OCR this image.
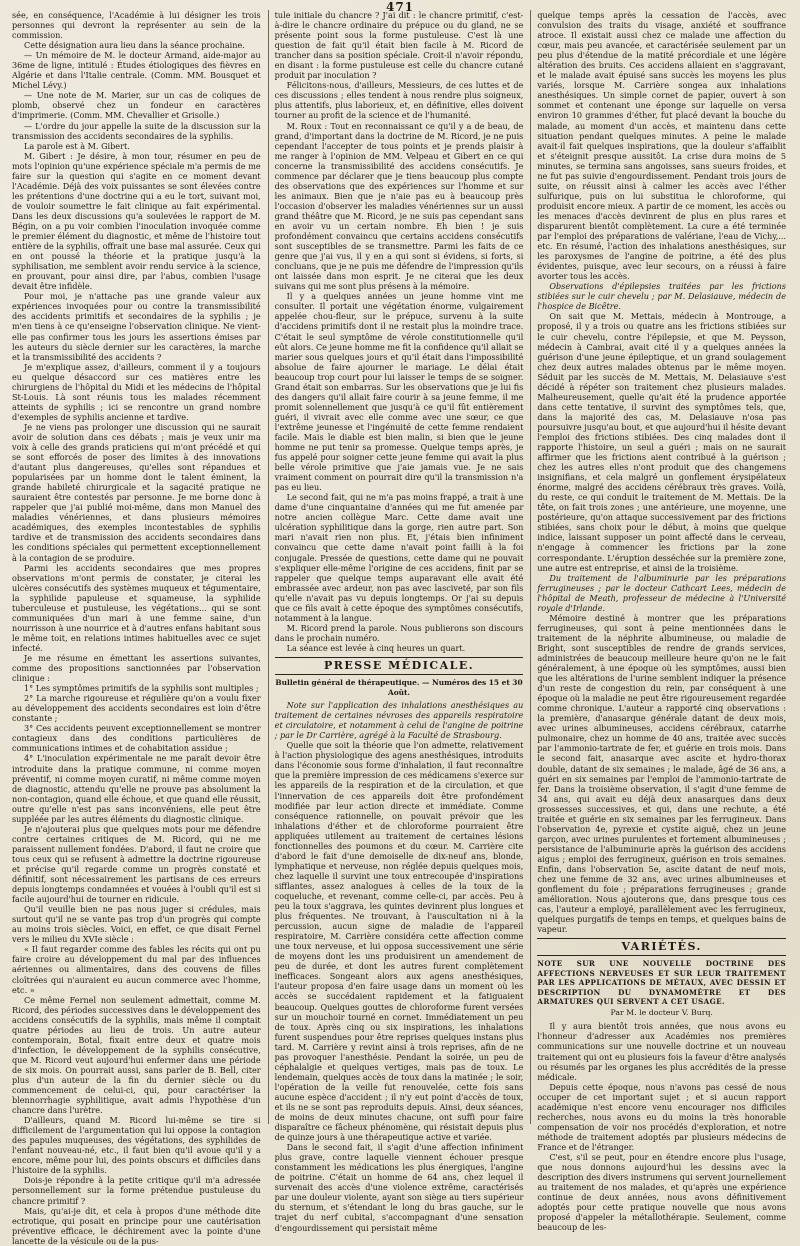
471

sée, en conséquence, l'Académie à lui désigner les trois personnes qui devront la représenter au sein de la commission.

Cette désignation aura lieu dans la séance prochaine.

— Un mémoire de M. le docteur Armand, aide-major au 36me de ligne, intitulé : Études étiologiques des fièvres en Algérie et dans l'Italie centrale. (Comm. MM. Bousquet et Michel Lévy.)

— Une note de M. Marier, sur un cas de coliques de plomb, observé chez un fondeur en caractères d'imprimerie. (Comm. MM. Chevallier et Grisolle.)

— L'ordre du jour appelle la suite de la discussion sur la transmission des accidents secondaires de la syphilis.

La parole est à M. Gibert.

M. Gibert : Je désire, à mon tour, résumer en peu de mots l'opinion qu'une expérience spéciale m'a permis de me faire sur la question qui s'agite en ce moment devant l'Académie. Déjà des voix puissantes se sont élevées contre les prétentions d'une doctrine qui a eu le tort, suivant moi, de vouloir soumettre le fait clinique au fait expérimental. Dans les deux discussions qu'a soulevées le rapport de M. Bégin, on a pu voir combien l'inoculation invoquée comme le premier élément du diagnostic, et même de l'histoire tout entière de la syphilis, offrait une base mal assurée. Ceux qui en ont poussé la théorie et la pratique jusqu'à la syphilisation, me semblent avoir rendu service à la science, en prouvant, pour ainsi dire, par l'abus, combien l'usage devait être infidèle.

Pour moi, je n'attache pas une grande valeur aux expériences invoquées pour ou contre la transmissibilité des accidents primitifs et secondaires de la syphilis ; je m'en tiens à ce qu'enseigne l'observation clinique. Ne vient-elle pas confirmer tous les jours les assertions émises par les auteurs du siècle dernier sur les caractères, la marche et la transmissibilité des accidents ?

Je m'explique assez, d'ailleurs, comment il y a toujours eu quelque désaccord sur ces matières entre les chirurgiens de l'hôpital du Midi et les médecins de l'hôpital St-Louis. Là sont réunis tous les malades récemment atteints de syphilis ; ici se rencontre un grand nombre d'exemples de syphilis ancienne et tardive.

Je ne viens pas prolonger une discussion qui ne saurait avoir de solution dans ces débats ; mais je veux unir ma voix à celle des grands praticiens qui m'ont précédé et qui se sont efforcés de poser des limites à des innovations d'autant plus dangereuses, qu'elles sont répandues et popularisées par un homme dont le talent éminent, la grande habileté chirurgicale et la sagacité pratique ne sauraient être contestés par personne. Je me borne donc à rappeler que j'ai publié moi-même, dans mon Manuel des maladies vénériennes, et dans plusieurs mémoires académiques, des exemples incontestables de syphilis tardive et de transmission des accidents secondaires dans les conditions spéciales qui permettent exceptionnellement à la contagion de se produire.

Parmi les accidents secondaires que mes propres observations m'ont permis de constater, je citerai les ulcères consécutifs des systèmes muqueux et tégumentaire, la syphilide papuleuse et squameuse, la syphilide tuberculeuse et pustuleuse, les végétations... qui se sont communiquées d'un mari à une femme saine, d'un nourrisson à une nourrice et à d'autres enfans habitant sous le même toit, en relations intimes habituelles avec ce sujet infecté.

Je me résume en émettant les assertions suivantes, comme des propositions sanctionnées par l'observation clinique :

1° Les symptômes primitifs de la syphilis sont multiples ;

2° La marche rigoureuse et régulière qu'on a voulu fixer au développement des accidents secondaires est loin d'être constante ;

3° Ces accidents peuvent exceptionnellement se montrer contagieux dans des conditions particulières de communications intimes et de cohabitation assidue ;

4° L'inoculation expérimentale ne me paraît devoir être introduite dans la pratique commune, ni comme moyen préventif, ni comme moyen curatif, ni même comme moyen de diagnostic, attendu qu'elle ne prouve pas absolument la non-contagion, quand elle échoue, et que quand elle réussit, outre qu'elle n'est pas sans inconvéniens, elle peut être suppléée par les autres éléments du diagnostic clinique.

Je n'ajouterai plus que quelques mots pour me défendre contre certaines critiques de M. Ricord, qui ne me paraissent nullement fondées. D'abord, il faut ne croire que tous ceux qui se refusent à admettre la doctrine rigoureuse et précise qu'il regarde comme un progrès constaté et définitif, sont nécessairement les partisans de ces erreurs depuis longtemps condamnées et vouées à l'oubli qu'il est si facile aujourd'hui de tourner en ridicule.

Qu'il veuille bien ne pas nous juger si crédules, mais surtout qu'il ne se vante pas trop d'un progrès qui compte au moins trois siècles. Voici, en effet, ce que disait Fernel vers le milieu du XVIe siècle :

« Il faut regarder comme des fables les récits qui ont pu faire croire au développement du mal par des influences aériennes ou alimentaires, dans des couvens de filles cloîtrées qui n'auraient eu aucun commerce avec l'homme, etc. »

Ce même Fernel non seulement admettait, comme M. Ricord, des périodes successives dans le développement des accidens consécutifs de la syphilis, mais même il comptait quatre périodes au lieu de trois. Un autre auteur contemporain, Botal, fixait entre deux et quatre mois d'infection, le développement de la syphilis consécutive, que M. Ricord veut aujourd'hui enfermer dans une période de six mois. On pourrait aussi, sans parler de B. Bell, citer plus d'un auteur de la fin du dernier siècle ou du commencement de celui-ci, qui, pour caractériser la blennorrhagie syphilitique, avait admis l'hypothèse d'un chancre dans l'urètre.

D'ailleurs, quand M. Ricord lui-même se tire si difficilement de l'argumentation qui lui oppose la contagion des papules muqueuses, des végétations, des syphilides de l'enfant nouveau-né, etc., il faut bien qu'il avoue qu'il y a encore, même pour lui, des points obscurs et difficiles dans l'histoire de la syphilis.

Dois-je répondre à la petite critique qu'il m'a adressée personnellement sur la forme prétendue pustuleuse du chancre primitif ?

Mais, qu'ai-je dit, et cela à propos d'une méthode dite ectrotique, qui posait en principe pour une cautérisation préventive efficace, le déchirement avec la pointe d'une lancette de la vésicule ou de la pus-

tule initiale du chancre ? J'ai dit : le chancre primitif, c'est-à-dire le chancre ordinaire du prépuce ou du gland, ne se présente point sous la forme pustuleuse. C'est là une question de fait qu'il était bien facile à M. Ricord de trancher dans sa position spéciale. Croit-il n'avoir répondu, en disant : la forme pustuleuse est celle du chancre cutané produit par inoculation ?

Félicitons-nous, d'ailleurs, Messieurs, de ces luttes et de ces discussions ; elles tendent à nous rendre plus soigneux, plus attentifs, plus laborieux, et, en définitive, elles doivent tourner au profit de la science et de l'humanité.

M. Roux : Tout en reconnaissant ce qu'il y a de beau, de grand, d'important dans la doctrine de M. Ricord, je ne puis cependant l'accepter de tous points et je prends plaisir à me ranger à l'opinion de MM. Velpeau et Gibert en ce qui concerne la transmissibilité des accidens consécutifs. Je commence par déclarer que je tiens beaucoup plus compte des observations que des expériences sur l'homme et sur les animaux. Bien que je n'aie pas eu à beaucoup près l'occasion d'observer les maladies vénériennes sur un aussi grand théâtre que M. Ricord, je ne suis pas cependant sans en avoir vu un certain nombre. Eh bien ! je suis profondément convaincu que certains accidens consécutifs sont susceptibles de se transmettre. Parmi les faits de ce genre que j'ai vus, il y en a qui sont si évidens, si forts, si concluans, que je ne puis me défendre de l'impression qu'ils ont laissée dans mon esprit. Je ne citerai que les deux suivans qui me sont plus présens à la mémoire.

Il y a quelques années un jeune homme vint me consulter. Il portait une végétation énorme, vulgairement appelée chou-fleur, sur le prépuce, survenu à la suite d'accidens primitifs dont il ne restait plus la moindre trace. C'était le seul symptôme de vérole constitutionnelle qu'il eût alors. Ce jeune homme me fit la confidence qu'il allait se marier sous quelques jours et qu'il était dans l'impossibilité absolue de faire ajourner le mariage. Le délai était beaucoup trop court pour lui laisser le temps de se soigner. Grand était son embarras. Sur les observations que je lui fis des dangers qu'il allait faire courir à sa jeune femme, il me promit solennellement que jusqu'à ce qu'il fût entièrement guéri, il vivrait avec elle comme avec une sœur, ce que l'extrême jeunesse et l'ingénuité de cette femme rendaient facile. Mais le diable est bien malin, si bien que le jeune homme ne put tenir sa promesse. Quelque temps après, je fus appelé pour soigner cette jeune femme qui avait la plus belle vérole primitive que j'aie jamais vue. Je ne sais vraiment comment on pourrait dire qu'il la transmission n'a pas eu lieu.

Le second fait, qui ne m'a pas moins frappé, a trait à une dame d'une cinquantaine d'années qui me fut amenée par notre ancien collègue Marc. Cette dame avait une ulcération syphilitique dans la gorge, rien autre part. Son mari n'avait rien non plus. Et, j'étais bien infiniment convaincu que cette dame n'avait point failli à la foi conjugale. Pressée de questions, cette dame qui ne pouvait s'expliquer elle-même l'origine de ces accidens, finit par se rappeler que quelque temps auparavant elle avait été embrassée avec ardeur, non pas avec lasciveté, par son fils qu'elle n'avait pas vu depuis longtemps. Or j'ai su depuis que ce fils avait à cette époque des symptômes consécutifs, notamment à la langue.

M. Ricord prend la parole. Nous publierons son discours dans le prochain numéro.

La séance est levée à cinq heures un quart.

PRESSE MÉDICALE.
Bulletin général de thérapeutique. — Numéros des 15 et 30 Août.

Note sur l'application des inhalations anesthésiques au traitement de certaines névroses des appareils respiratoire et circulatoire, et notamment à celui de l'angine de poitrine ; par le Dr Carrière, agrégé à la Faculté de Strasbourg.

Quelle que soit la théorie que l'on admette, relativement à l'action physiologique des agens anesthésiques, introduits dans l'économie sous forme d'inhalation, il faut reconnaître que la première impression de ces médicamens s'exerce sur les appareils de la respiration et de la circulation, et que l'innervation de ces appareils doit être profondément modifiée par leur action directe et immédiate. Comme conséquence rationnelle, on pouvait prévoir que les inhalations d'éther et de chloroforme pourraient être appliquées utilement au traitement de certaines lésions fonctionnelles des poumons et du cœur. M. Carrière cite d'abord le fait d'une demoiselle de dix-neuf ans, blonde, lymphatique et nerveuse, non réglée depuis quelques mois, chez laquelle il survint une toux entrecoupée d'inspirations sifflantes, assez analogues à celles de la toux de la coqueluche, et revenant, comme celle-ci, par accès. Peu à peu la toux s'aggrava, les quintes devinrent plus longues et plus fréquentes. Ne trouvant, à l'auscultation ni à la percussion, aucun signe de maladie de l'appareil respiratoire, M. Carrière considéra cette affection comme une toux nerveuse, et lui opposa successivement une série de moyens dont les uns produisirent un amendement de peu de durée, et dont les autres furent complètement inefficaces. Songeant alors aux agens anesthésiques, l'auteur proposa d'en faire usage dans un moment où les accès se succédaient rapidement et la fatiguaient beaucoup. Quelques gouttes de chloroforme furent versées sur un mouchoir tourné en cornet. Immédiatement un peu de toux. Après cinq ou six inspirations, les inhalations furent suspendues pour être reprises quelques instans plus tard. M. Carrière y revint ainsi à trois reprises, afin de ne pas provoquer l'anesthésie. Pendant la soirée, un peu de céphalalgie et quelques vertiges, mais pas de toux. Le lendemain, quelques accès de toux dans la matinée ; le soir, l'opération de la veille fut renouvelée, cette fois sans aucune espèce d'accident ; il n'y eut point d'accès de toux, et ils ne se sont pas reproduits depuis. Ainsi, deux séances, de moins de deux minutes chacune, ont suffi pour faire disparaître ce fâcheux phénomène, qui résistait depuis plus de quinze jours à une thérapeutique active et variée.

Dans le second fait, il s'agit d'une affection infiniment plus grave, contre laquelle viennent échouer presque constamment les médications les plus énergiques, l'angine de poitrine. C'était un homme de 64 ans, chez lequel il survenait des accès d'une violence extrême, caractérisés par une douleur violente, ayant son siège au tiers supérieur du sternum, et s'étendant le long du bras gauche, sur le trajet du nerf cubital, s'accompagnant d'une sensation d'engourdissement qui persistait même

quelque temps après la cessation de l'accès, avec convulsion des traits du visage, anxiété et souffrance atroce. Il existait aussi chez ce malade une affection du cœur, mais peu avancée, et caractérisée seulement par un peu plus d'étendue de la matité précordiale et une légère altération des bruits. Ces accidens allaient en s'aggravant, et le malade avait épuisé sans succès les moyens les plus variés, lorsque M. Carrière songea aux inhalations anesthésiques. Un simple cornet de papier, ouvert à son sommet et contenant une éponge sur laquelle on versa environ 10 grammes d'éther, fut placé devant la bouche du malade, au moment d'un accès, et maintenu dans cette situation pendant quelques minutes. A peine le malade avait-il fait quelques inspirations, que la douleur s'affaiblit et s'éteignit presque aussitôt. La crise dura moins de 5 minutes, se termina sans angoisses, sans sueurs froides, et ne fut pas suivie d'engourdissement. Pendant trois jours de suite, on réussit ainsi à calmer les accès avec l'éther sulfurique, puis on lui substitua le chloroforme, qui produisit encore mieux. A partir de ce moment, les accès ou les menaces d'accès devinrent de plus en plus rares et disparurent bientôt complètement. La cure a été terminée par l'emploi des préparations de valériane, l'eau de Vichy,... etc. En résumé, l'action des inhalations anesthésiques, sur les paroxysmes de l'angine de poitrine, a été des plus évidentes, puisque, avec leur secours, on a réussi à faire avorter tous les accès.

Observations d'épilepsies traitées par les frictions stibiées sur le cuir chevelu ; par M. Delasiauve, médecin de l'hospice de Bicêtre.

On sait que M. Mettais, médecin à Montrouge, a proposé, il y a trois ou quatre ans les frictions stibiées sur le cuir chevelu, contre l'épilepsie, et que M. Peysson, médecin à Cambrai, avait cité il y a quelques années la guérison d'une jeune épileptique, et un grand soulagement chez deux autres malades obtenus par le même moyen. Séduit par les succès de M. Mettais, M. Delasiauve s'est décidé à répéter son traitement chez plusieurs malades. Malheureusement, quelle qu'ait été la prudence apportée dans cette tentative, il survint des symptômes tels, que, dans la majorité des cas, M. Delasiauve n'osa pas poursuivre jusqu'au bout, et que aujourd'hui il hésite devant l'emploi des frictions stibiées. Des cinq malades dont il rapporte l'histoire, un seul a guéri ; mais on ne saurait affirmer que les frictions aient contribué à la guérison ; chez les autres elles n'ont produit que des changemens insignifians, et cela malgré un gonflement érysipélateux énorme, malgré des accidens cérébraux très graves. Voilà, du reste, ce qui conduit le traitement de M. Mettais. De la tête, on fait trois zones ; une antérieure, une moyenne, une postérieure, qu'on attaque successivement par des frictions stibiées, sans choix pour le début, à moins que quelque indice, laissant supposer un point affecté dans le cerveau, n'engage à commencer les frictions par la zone correspondante. L'éruption desséchée sur la première zone, une autre est entreprise, et ainsi de la troisième.

Du traitement de l'albuminurie par les préparations ferrugineuses ; par le docteur Cathcart Lees, médecin de l'hôpital de Meath, professeur de médecine à l'Université royale d'Irlande.

Mémoire destiné à montrer que les préparations ferrugineuses, qui sont à peine mentionnées dans le traitement de la néphrite albumineuse, ou maladie de Bright, sont susceptibles de rendre de grands services, administrées de beaucoup meilleure heure qu'on ne le fait généralement, à une époque où les symptômes, aussi bien que les altérations de l'urine semblent indiquer la présence d'un reste de congestion du rein, par conséquent à une époque où la maladie ne peut être rigoureusement regardée comme chronique. L'auteur a rapporté cinq observations : la première, d'anasarque générale datant de deux mois, avec urines albumineuses, accidens cérébraux, catarrhe pulmonaire, chez un homme de 40 ans, traitée avec succès par l'ammonio-tartrate de fer, et guérie en trois mois. Dans le second fait, anasarque avec ascite et hydro-thorax double, datant de six semaines ; le malade, âgé de 36 ans, a guéri en six semaines par l'emploi de l'ammonio-tartrate de fer. Dans la troisième observation, il s'agit d'une femme de 34 ans, qui avait eu déjà deux anasarques dans deux grossesses successives, et qui, dans une rechute, a été traitée et guérie en six semaines par les ferrugineux. Dans l'observation 4e, pyrexie et cystite aiguë, chez un jeune garçon, avec urines purulentes et fortement albumineuses ; persistance de l'albuminurie après la guérison des accidens aigus ; emploi des ferrugineux, guérison en trois semaines. Enfin, dans l'observation 5e, ascite datant de neuf mois, chez une femme de 32 ans, avec urines albumineuses et gonflement du foie ; préparations ferrugineuses ; grande amélioration. Nous ajouterons que, dans presque tous ces cas, l'auteur a employé, parallèlement avec les ferrugineux, quelques purgatifs de temps en temps, et quelques bains de vapeur.

VARIÉTÉS.
NOTE SUR UNE NOUVELLE DOCTRINE DES AFFECTIONS NERVEUSES ET SUR LEUR TRAITEMENT PAR LES APPLICATIONS DE MÉTAUX, AVEC DESSIN ET DESCRIPTION DU DYNAMOMÈTRE ET DES ARMATURES QUI SERVENT A CET USAGE.
Par M. le docteur V. Burq.

Il y aura bientôt trois années, que nous avons eu l'honneur d'adresser aux Académies nos premières communications sur une nouvelle doctrine et un nouveau traitement qui ont eu plusieurs fois la faveur d'être analysés ou résumés par les organes les plus accrédités de la presse médicale.

Depuis cette époque, nous n'avons pas cessé de nous occuper de cet important sujet ; et si aucun rapport académique n'est encore venu encourager nos difficiles recherches, nous avons eu du moins la très honorable compensation de voir nos procédés d'exploration, et notre méthode de traitement adoptés par plusieurs médecins de France et de l'étranger.

C'est, s'il se peut, pour en étendre encore plus l'usage, que nous donnons aujourd'hui les dessins avec la description des divers instrumens qui servent journellement au traitement de nos malades, et qu'après une expérience continue de deux années, nous avons définitivement adoptés pour cette pratique nouvelle que nous avons proposé d'appeler la métallothérapie. Seulement, comme beaucoup de les-
